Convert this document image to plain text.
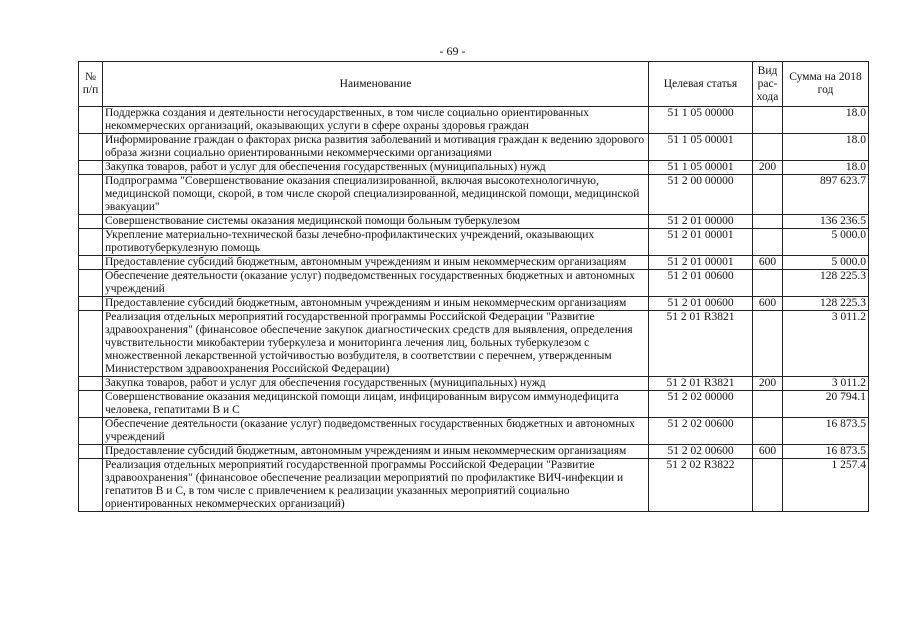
- 69 -
№ п/п	Наименование	Целевая статья	Вид рас- хода	Сумма на 2018 год
	Поддержка создания и деятельности негосударственных, в том числе социально ориентированных некоммерческих организаций, оказывающих услуги в сфере охраны здоровья граждан	51 1 05 00000		18.0
	Информирование граждан о факторах риска развития заболеваний и мотивация граждан к ведению здорового образа жизни социально ориентированными некоммерческими организациями	51 1 05 00001		18.0
	Закупка товаров, работ и услуг для обеспечения государственных (муниципальных) нужд	51 1 05 00001	200	18.0
	Подпрограмма "Совершенствование оказания специализированной, включая высокотехнологичную, медицинской помощи, скорой, в том числе скорой специализированной, медицинской помощи, медицинской эвакуации"	51 2 00 00000		897 623.7
	Совершенствование системы оказания медицинской помощи больным туберкулезом	51 2 01 00000		136 236.5
	Укрепление материально-технической базы лечебно-профилактических учреждений, оказывающих противотуберкулезную помощь	51 2 01 00001		5 000.0
	Предоставление субсидий бюджетным, автономным учреждениям и иным некоммерческим организациям	51 2 01 00001	600	5 000.0
	Обеспечение деятельности (оказание услуг) подведомственных государственных бюджетных и автономных учреждений	51 2 01 00600		128 225.3
	Предоставление субсидий бюджетным, автономным учреждениям и иным некоммерческим организациям	51 2 01 00600	600	128 225.3
	Реализация отдельных мероприятий государственной программы Российской Федерации "Развитие здравоохранения" (финансовое обеспечение закупок диагностических средств для выявления, определения чувствительности микобактерии туберкулеза и мониторинга лечения лиц, больных туберкулезом с множественной лекарственной устойчивостью возбудителя, в соответствии с перечнем, утвержденным Министерством здравоохранения Российской Федерации)	51 2 01 R3821		3 011.2
	Закупка товаров, работ и услуг для обеспечения государственных (муниципальных) нужд	51 2 01 R3821	200	3 011.2
	Совершенствование оказания медицинской помощи лицам, инфицированным вирусом иммунодефицита человека, гепатитами В и С	51 2 02 00000		20 794.1
	Обеспечение деятельности (оказание услуг) подведомственных государственных бюджетных и автономных учреждений	51 2 02 00600		16 873.5
	Предоставление субсидий бюджетным, автономным учреждениям и иным некоммерческим организациям	51 2 02 00600	600	16 873.5
	Реализация отдельных мероприятий государственной программы Российской Федерации "Развитие здравоохранения" (финансовое обеспечение реализации мероприятий по профилактике ВИЧ-инфекции и гепатитов В и С, в том числе с привлечением к реализации указанных мероприятий социально ориентированных некоммерческих организаций)	51 2 02 R3822		1 257.4
